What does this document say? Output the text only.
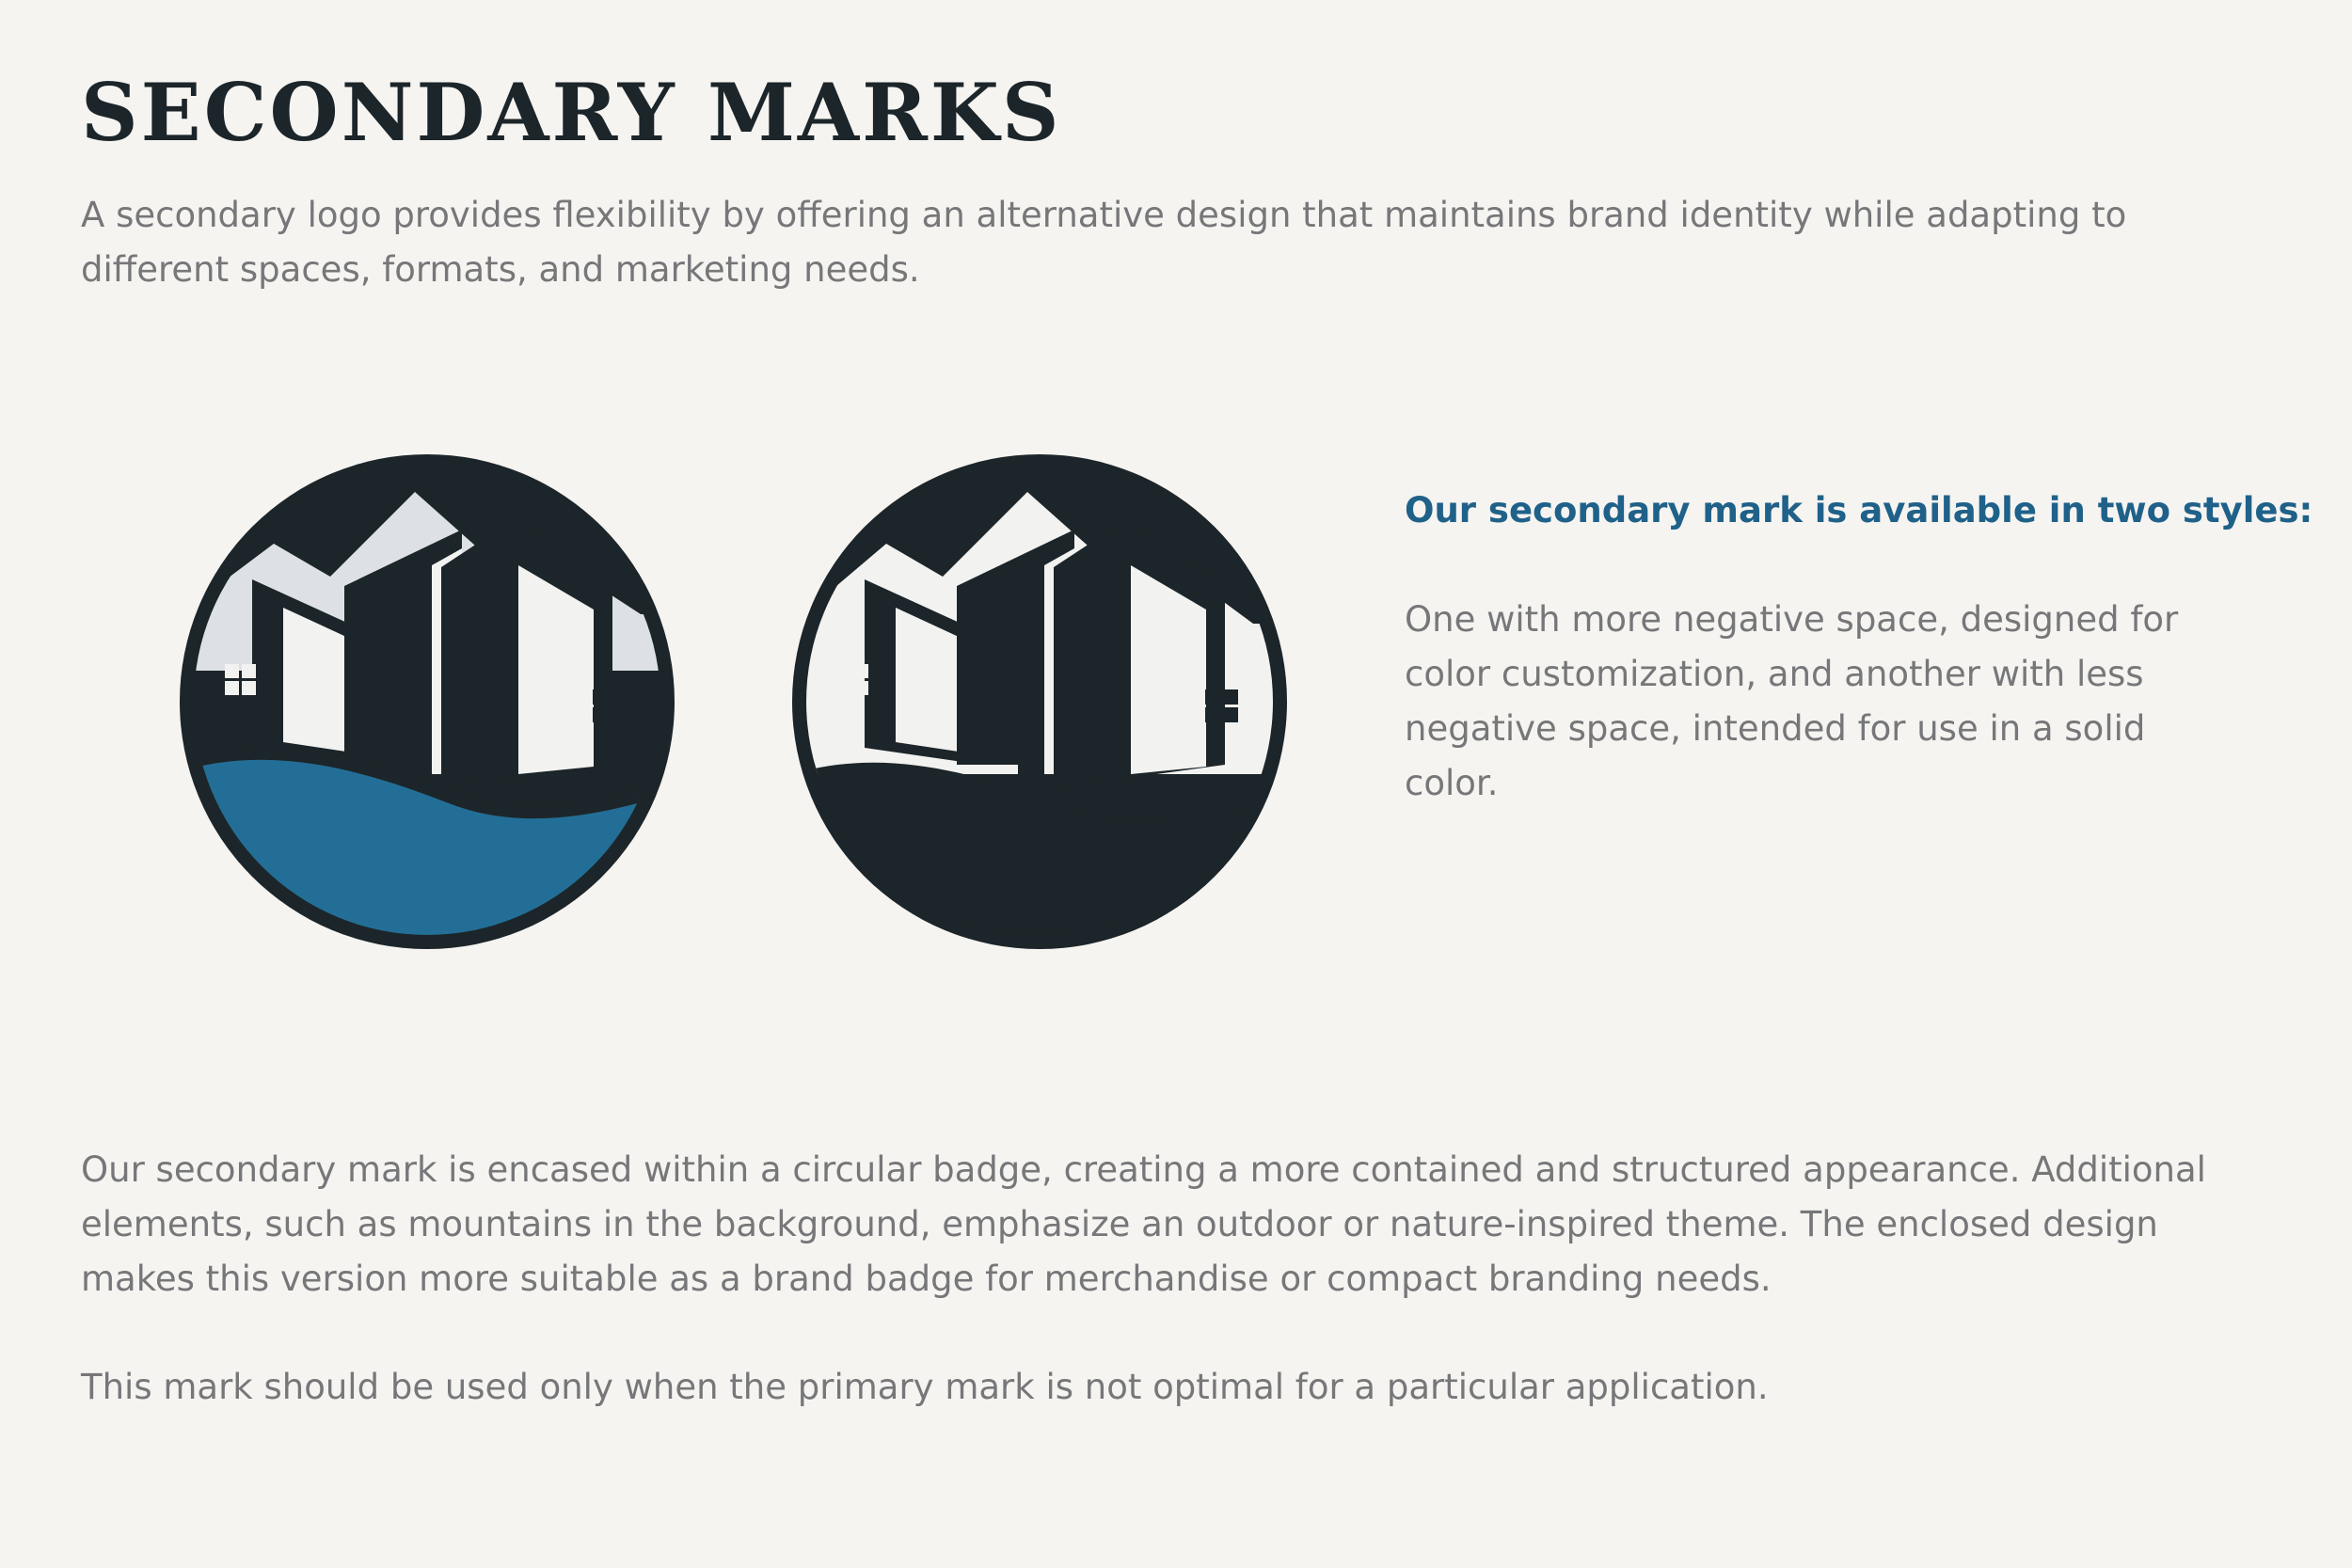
SECONDARY MARKS

A secondary logo provides flexibility by offering an alternative design that maintains brand identity while adapting to different spaces, formats, and marketing needs.

Our secondary mark is available in two styles:

One with more negative space, designed for color customization, and another with less negative space, intended for use in a solid color.

Our secondary mark is encased within a circular badge, creating a more contained and structured appearance. Additional elements, such as mountains in the background, emphasize an outdoor or nature-inspired theme. The enclosed design makes this version more suitable as a brand badge for merchandise or compact branding needs.

This mark should be used only when the primary mark is not optimal for a particular application.
